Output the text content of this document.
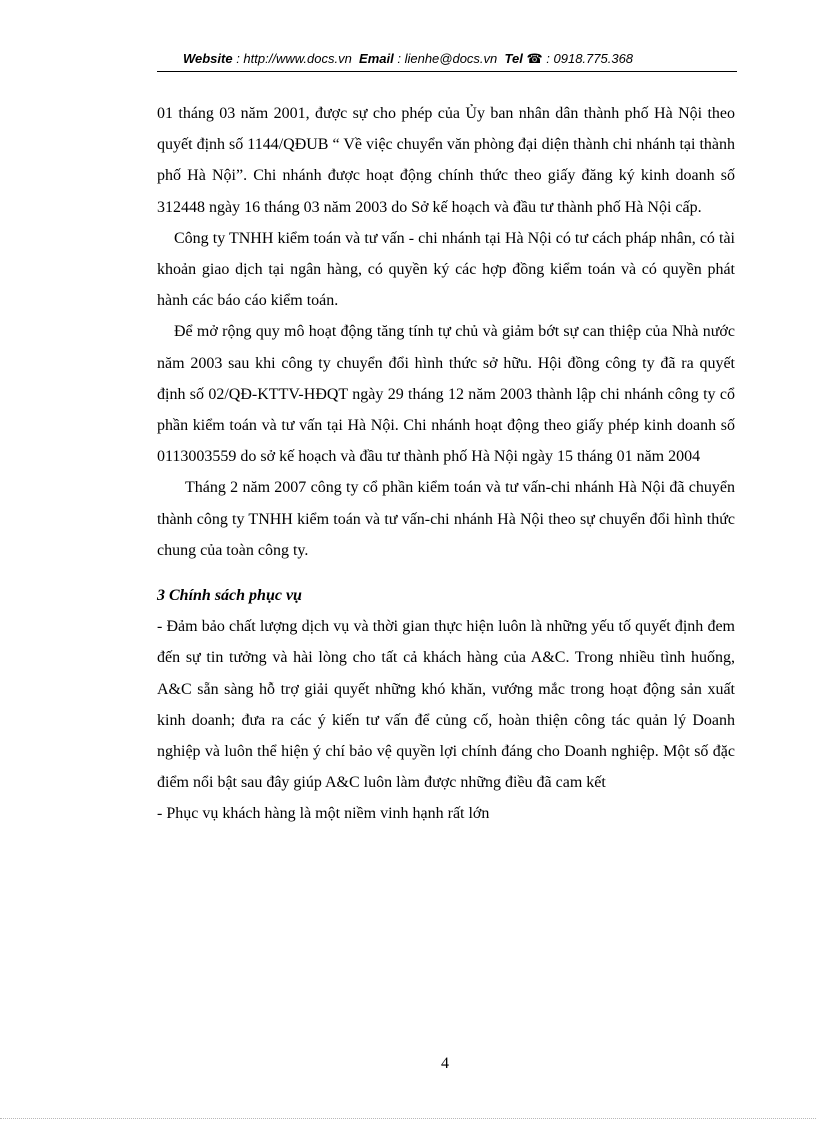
Website : http://www.docs.vn Email : lienhe@docs.vn Tel ☎ : 0918.775.368

01 tháng 03 năm 2001, được sự cho phép của Ủy ban nhân dân thành phố Hà Nội theo quyết định số 1144/QĐUB “ Về việc chuyển văn phòng đại diện thành chi nhánh tại thành phố Hà Nội”. Chi nhánh được hoạt động chính thức theo giấy đăng ký kinh doanh số 312448 ngày 16 tháng 03 năm 2003 do Sở kế hoạch và đầu tư thành phố Hà Nội cấp.

Công ty TNHH kiểm toán và tư vấn - chi nhánh tại Hà Nội có tư cách pháp nhân, có tài khoản giao dịch tại ngân hàng, có quyền ký các hợp đồng kiểm toán và có quyền phát hành các báo cáo kiểm toán.

Để mở rộng quy mô hoạt động tăng tính tự chủ và giảm bớt sự can thiệp của Nhà nước năm 2003 sau khi công ty chuyển đổi hình thức sở hữu. Hội đồng công ty đã ra quyết định số 02/QĐ-KTTV-HĐQT ngày 29 tháng 12 năm 2003 thành lập chi nhánh công ty cổ phần kiểm toán và tư vấn tại Hà Nội. Chi nhánh hoạt động theo giấy phép kinh doanh số 0113003559 do sở kế hoạch và đầu tư thành phố Hà Nội ngày 15 tháng 01 năm 2004

Tháng 2 năm 2007 công ty cổ phần kiểm toán và tư vấn-chi nhánh Hà Nội đã chuyển thành công ty TNHH kiểm toán và tư vấn-chi nhánh Hà Nội theo sự chuyển đổi hình thức chung của toàn công ty.

3 Chính sách phục vụ

- Đảm bảo chất lượng dịch vụ và thời gian thực hiện luôn là những yếu tố quyết định đem đến sự tin tưởng và hài lòng cho tất cả khách hàng của A&C. Trong nhiều tình huống, A&C sẵn sàng hỗ trợ giải quyết những khó khăn, vướng mắc trong hoạt động sản xuất kinh doanh; đưa ra các ý kiến tư vấn để củng cố, hoàn thiện công tác quản lý Doanh nghiệp và luôn thể hiện ý chí bảo vệ quyền lợi chính đáng cho Doanh nghiệp. Một số đặc điểm nổi bật sau đây giúp A&C luôn làm được những điều đã cam kết

- Phục vụ khách hàng là một niềm vinh hạnh rất lớn

4
